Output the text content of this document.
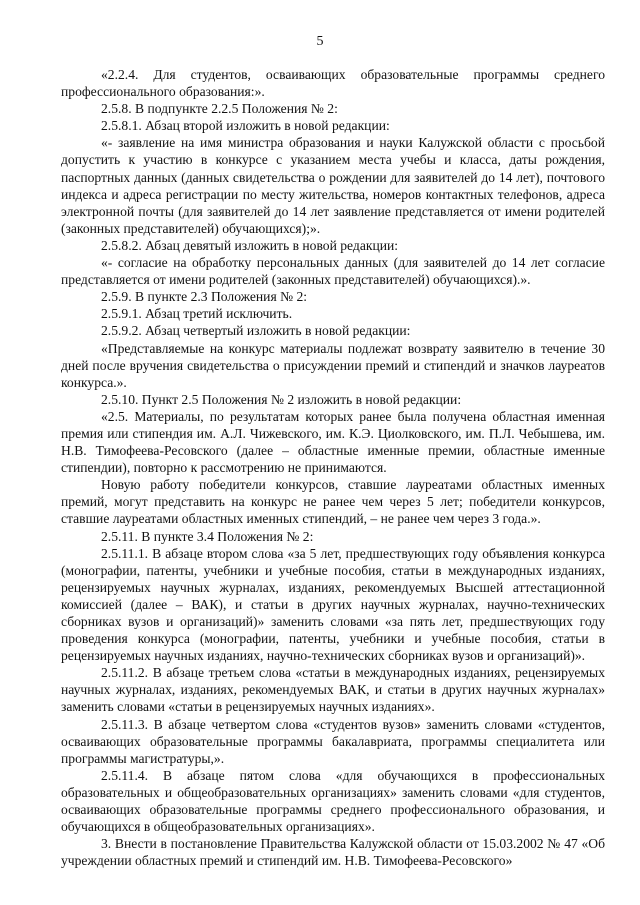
5

«2.2.4. Для студентов, осваивающих образовательные программы среднего профессионального образования:».

2.5.8. В подпункте 2.2.5 Положения № 2:

2.5.8.1. Абзац второй изложить в новой редакции:

«- заявление на имя министра образования и науки Калужской области с просьбой допустить к участию в конкурсе с указанием места учебы и класса, даты рождения, паспортных данных (данных свидетельства о рождении для заявителей до 14 лет), почтового индекса и адреса регистрации по месту жительства, номеров контактных телефонов, адреса электронной почты (для заявителей до 14 лет заявление представляется от имени родителей (законных представителей) обучающихся);».

2.5.8.2. Абзац девятый изложить в новой редакции:

«- согласие на обработку персональных данных (для заявителей до 14 лет согласие представляется от имени родителей (законных представителей) обучающихся).».

2.5.9. В пункте 2.3 Положения № 2:

2.5.9.1. Абзац третий исключить.

2.5.9.2. Абзац четвертый изложить в новой редакции:

«Представляемые на конкурс материалы подлежат возврату заявителю в течение 30 дней после вручения свидетельства о присуждении премий и стипендий и значков лауреатов конкурса.».

2.5.10. Пункт 2.5 Положения № 2 изложить в новой редакции:

«2.5. Материалы, по результатам которых ранее была получена областная именная премия или стипендия им. А.Л. Чижевского, им. К.Э. Циолковского, им. П.Л. Чебышева, им. Н.В. Тимофеева-Ресовского (далее – областные именные премии, областные именные стипендии), повторно к рассмотрению не принимаются.

Новую работу победители конкурсов, ставшие лауреатами областных именных премий, могут представить на конкурс не ранее чем через 5 лет; победители конкурсов, ставшие лауреатами областных именных стипендий, – не ранее чем через 3 года.».

2.5.11. В пункте 3.4 Положения № 2:

2.5.11.1. В абзаце втором слова «за 5 лет, предшествующих году объявления конкурса (монографии, патенты, учебники и учебные пособия, статьи в международных изданиях, рецензируемых научных журналах, изданиях, рекомендуемых Высшей аттестационной комиссией (далее – ВАК), и статьи в других научных журналах, научно-технических сборниках вузов и организаций)» заменить словами «за пять лет, предшествующих году проведения конкурса (монографии, патенты, учебники и учебные пособия, статьи в рецензируемых научных изданиях, научно-технических сборниках вузов и организаций)».

2.5.11.2. В абзаце третьем слова «статьи в международных изданиях, рецензируемых научных журналах, изданиях, рекомендуемых ВАК, и статьи в других научных журналах» заменить словами «статьи в рецензируемых научных изданиях».

2.5.11.3. В абзаце четвертом слова «студентов вузов» заменить словами «студентов, осваивающих образовательные программы бакалавриата, программы специалитета или программы магистратуры,».

2.5.11.4. В абзаце пятом слова «для обучающихся в профессиональных образовательных и общеобразовательных организациях» заменить словами «для студентов, осваивающих образовательные программы среднего профессионального образования, и обучающихся в общеобразовательных организациях».

3. Внести в постановление Правительства Калужской области от 15.03.2002 № 47 «Об учреждении областных премий и стипендий им. Н.В. Тимофеева-Ресовского»
